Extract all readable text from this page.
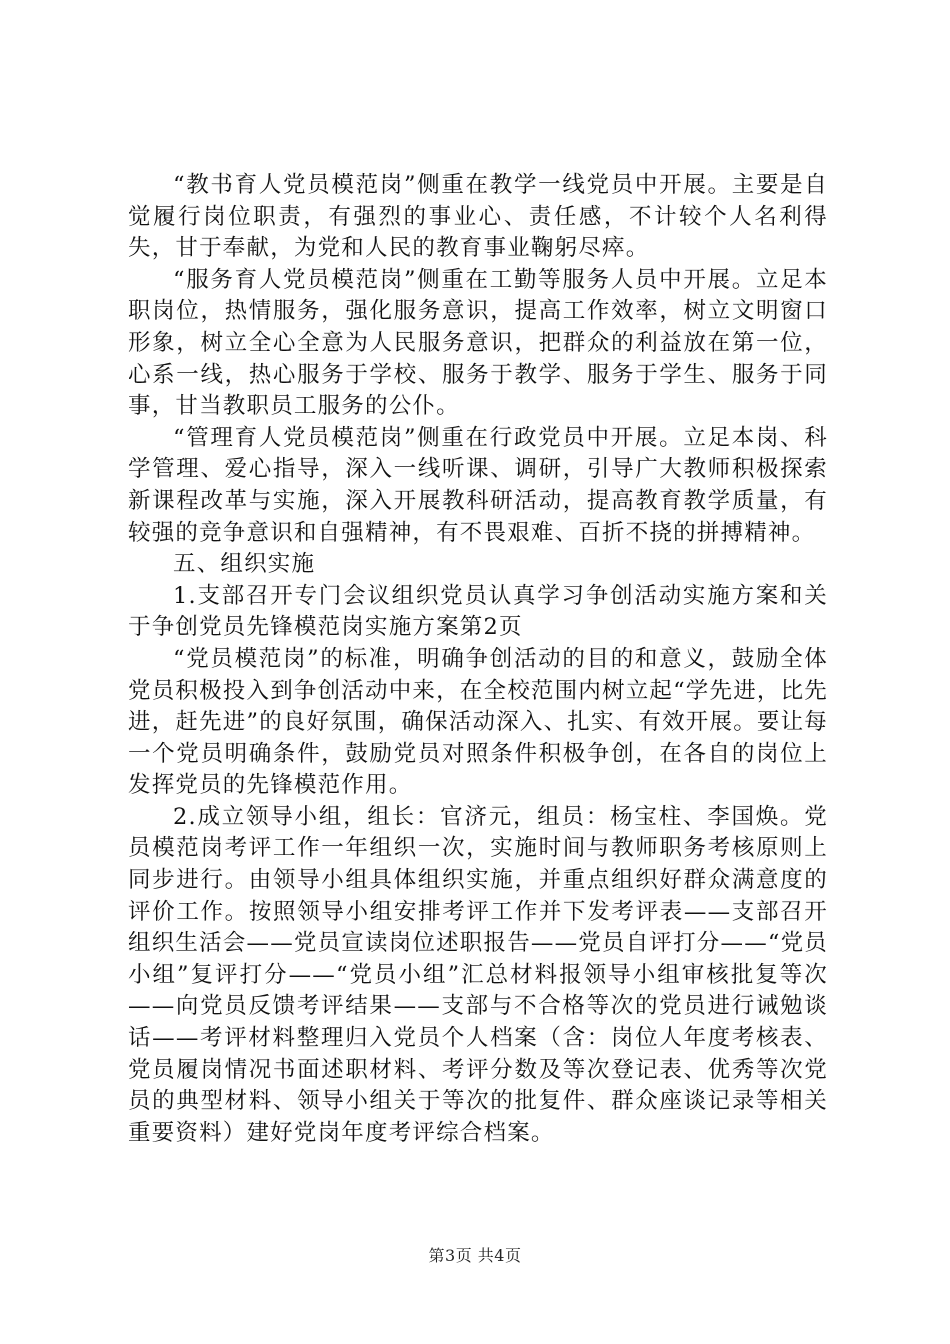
“教书育人党员模范岗”侧重在教学一线党员中开展。主要是自觉履行岗位职责，有强烈的事业心、责任感，不计较个人名利得失，甘于奉献，为党和人民的教育事业鞠躬尽瘁。

“服务育人党员模范岗”侧重在工勤等服务人员中开展。立足本职岗位，热情服务，强化服务意识，提高工作效率，树立文明窗口形象，树立全心全意为人民服务意识，把群众的利益放在第一位，心系一线，热心服务于学校、服务于教学、服务于学生、服务于同事，甘当教职员工服务的公仆。

“管理育人党员模范岗”侧重在行政党员中开展。立足本岗、科学管理、爱心指导，深入一线听课、调研，引导广大教师积极探索新课程改革与实施，深入开展教科研活动，提高教育教学质量，有较强的竞争意识和自强精神，有不畏艰难、百折不挠的拼搏精神。

五、组织实施

1.支部召开专门会议组织党员认真学习争创活动实施方案和关于争创党员先锋模范岗实施方案第2页

“党员模范岗”的标准，明确争创活动的目的和意义，鼓励全体党员积极投入到争创活动中来，在全校范围内树立起“学先进，比先进，赶先进”的良好氛围，确保活动深入、扎实、有效开展。要让每一个党员明确条件，鼓励党员对照条件积极争创，在各自的岗位上发挥党员的先锋模范作用。

2.成立领导小组，组长：官济元，组员：杨宝柱、李国焕。党员模范岗考评工作一年组织一次，实施时间与教师职务考核原则上同步进行。由领导小组具体组织实施，并重点组织好群众满意度的评价工作。按照领导小组安排考评工作并下发考评表——支部召开组织生活会——党员宣读岗位述职报告——党员自评打分——“党员小组”复评打分——“党员小组”汇总材料报领导小组审核批复等次——向党员反馈考评结果——支部与不合格等次的党员进行诫勉谈话——考评材料整理归入党员个人档案（含：岗位人年度考核表、党员履岗情况书面述职材料、考评分数及等次登记表、优秀等次党员的典型材料、领导小组关于等次的批复件、群众座谈记录等相关重要资料）建好党岗年度考评综合档案。

第3页 共4页
